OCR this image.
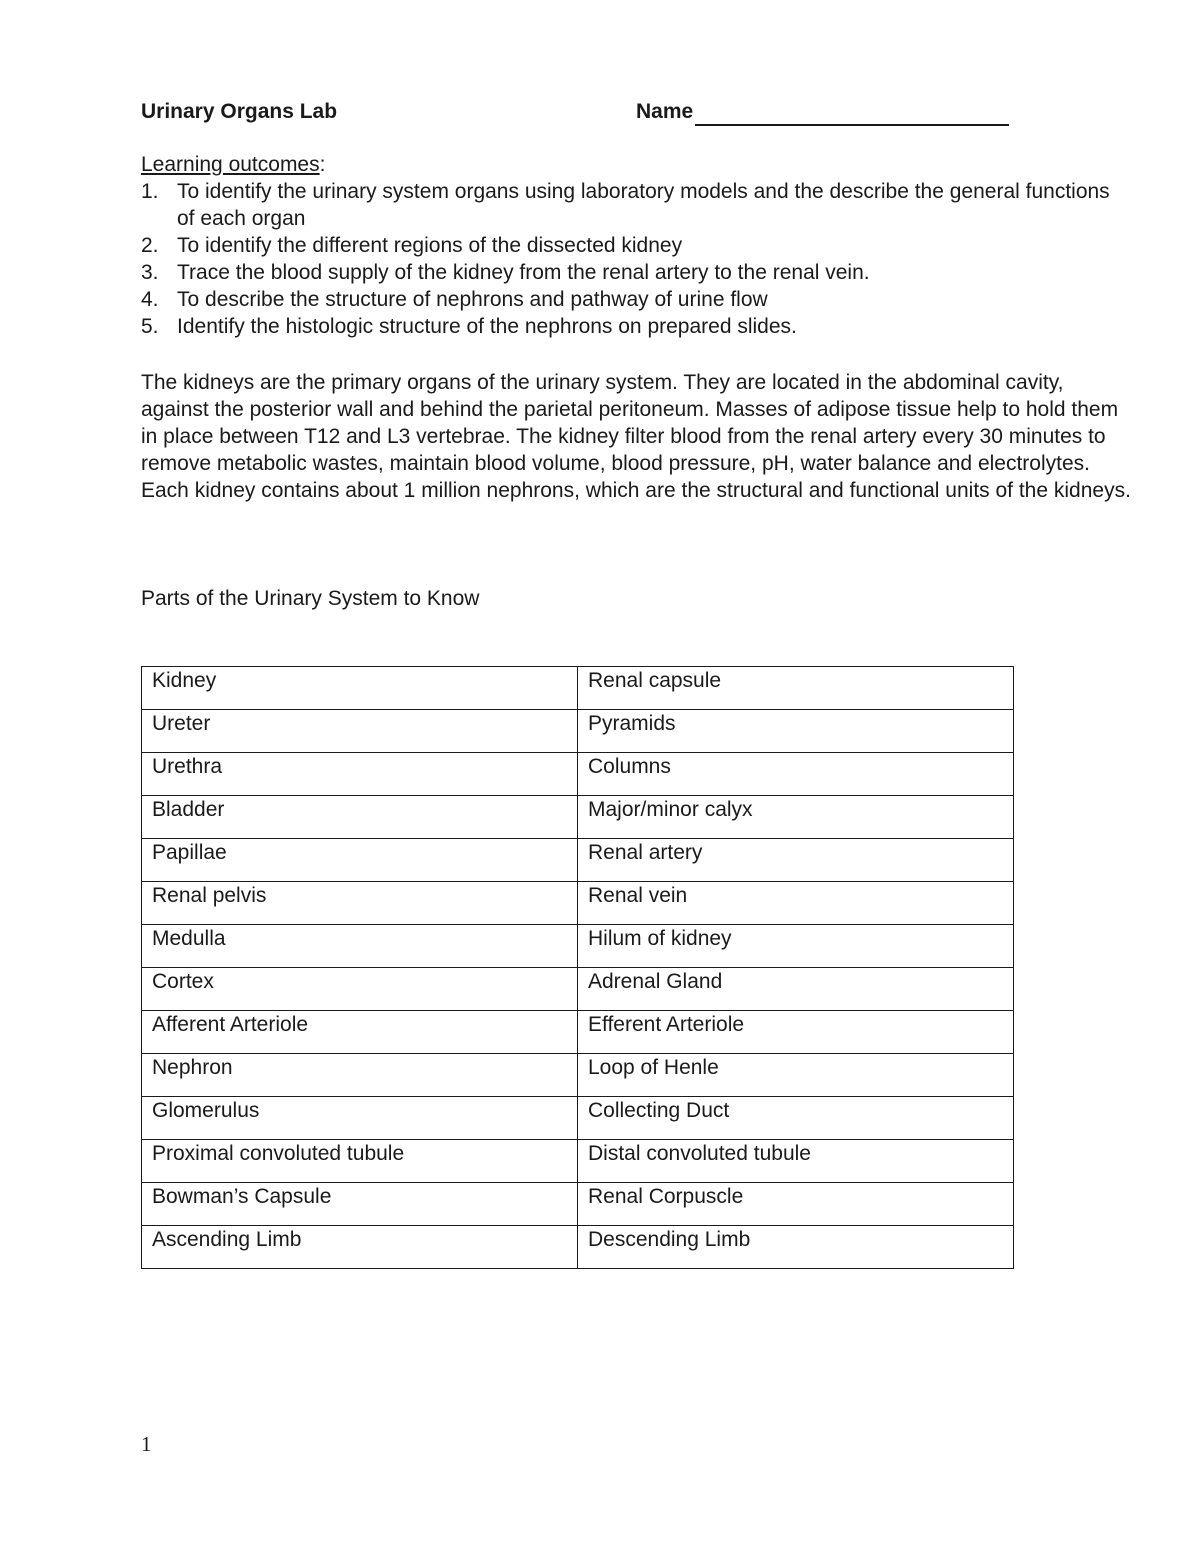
Urinary Organs Lab	Name
Learning outcomes:
1. To identify the urinary system organs using laboratory models and the describe the general functions of each organ
2. To identify the different regions of the dissected kidney
3. Trace the blood supply of the kidney from the renal artery to the renal vein.
4. To describe the structure of nephrons and pathway of urine flow
5. Identify the histologic structure of the nephrons on prepared slides.

The kidneys are the primary organs of the urinary system. They are located in the abdominal cavity, against the posterior wall and behind the parietal peritoneum. Masses of adipose tissue help to hold them in place between T12 and L3 vertebrae. The kidney filter blood from the renal artery every 30 minutes to remove metabolic wastes, maintain blood volume, blood pressure, pH, water balance and electrolytes. Each kidney contains about 1 million nephrons, which are the structural and functional units of the kidneys.

Parts of the Urinary System to Know
Kidney	Renal capsule
Ureter	Pyramids
Urethra	Columns
Bladder	Major/minor calyx
Papillae	Renal artery
Renal pelvis	Renal vein
Medulla	Hilum of kidney
Cortex	Adrenal Gland
Afferent Arteriole	Efferent Arteriole
Nephron	Loop of Henle
Glomerulus	Collecting Duct
Proximal convoluted tubule	Distal convoluted tubule
Bowman’s Capsule	Renal Corpuscle
Ascending Limb	Descending Limb
1
